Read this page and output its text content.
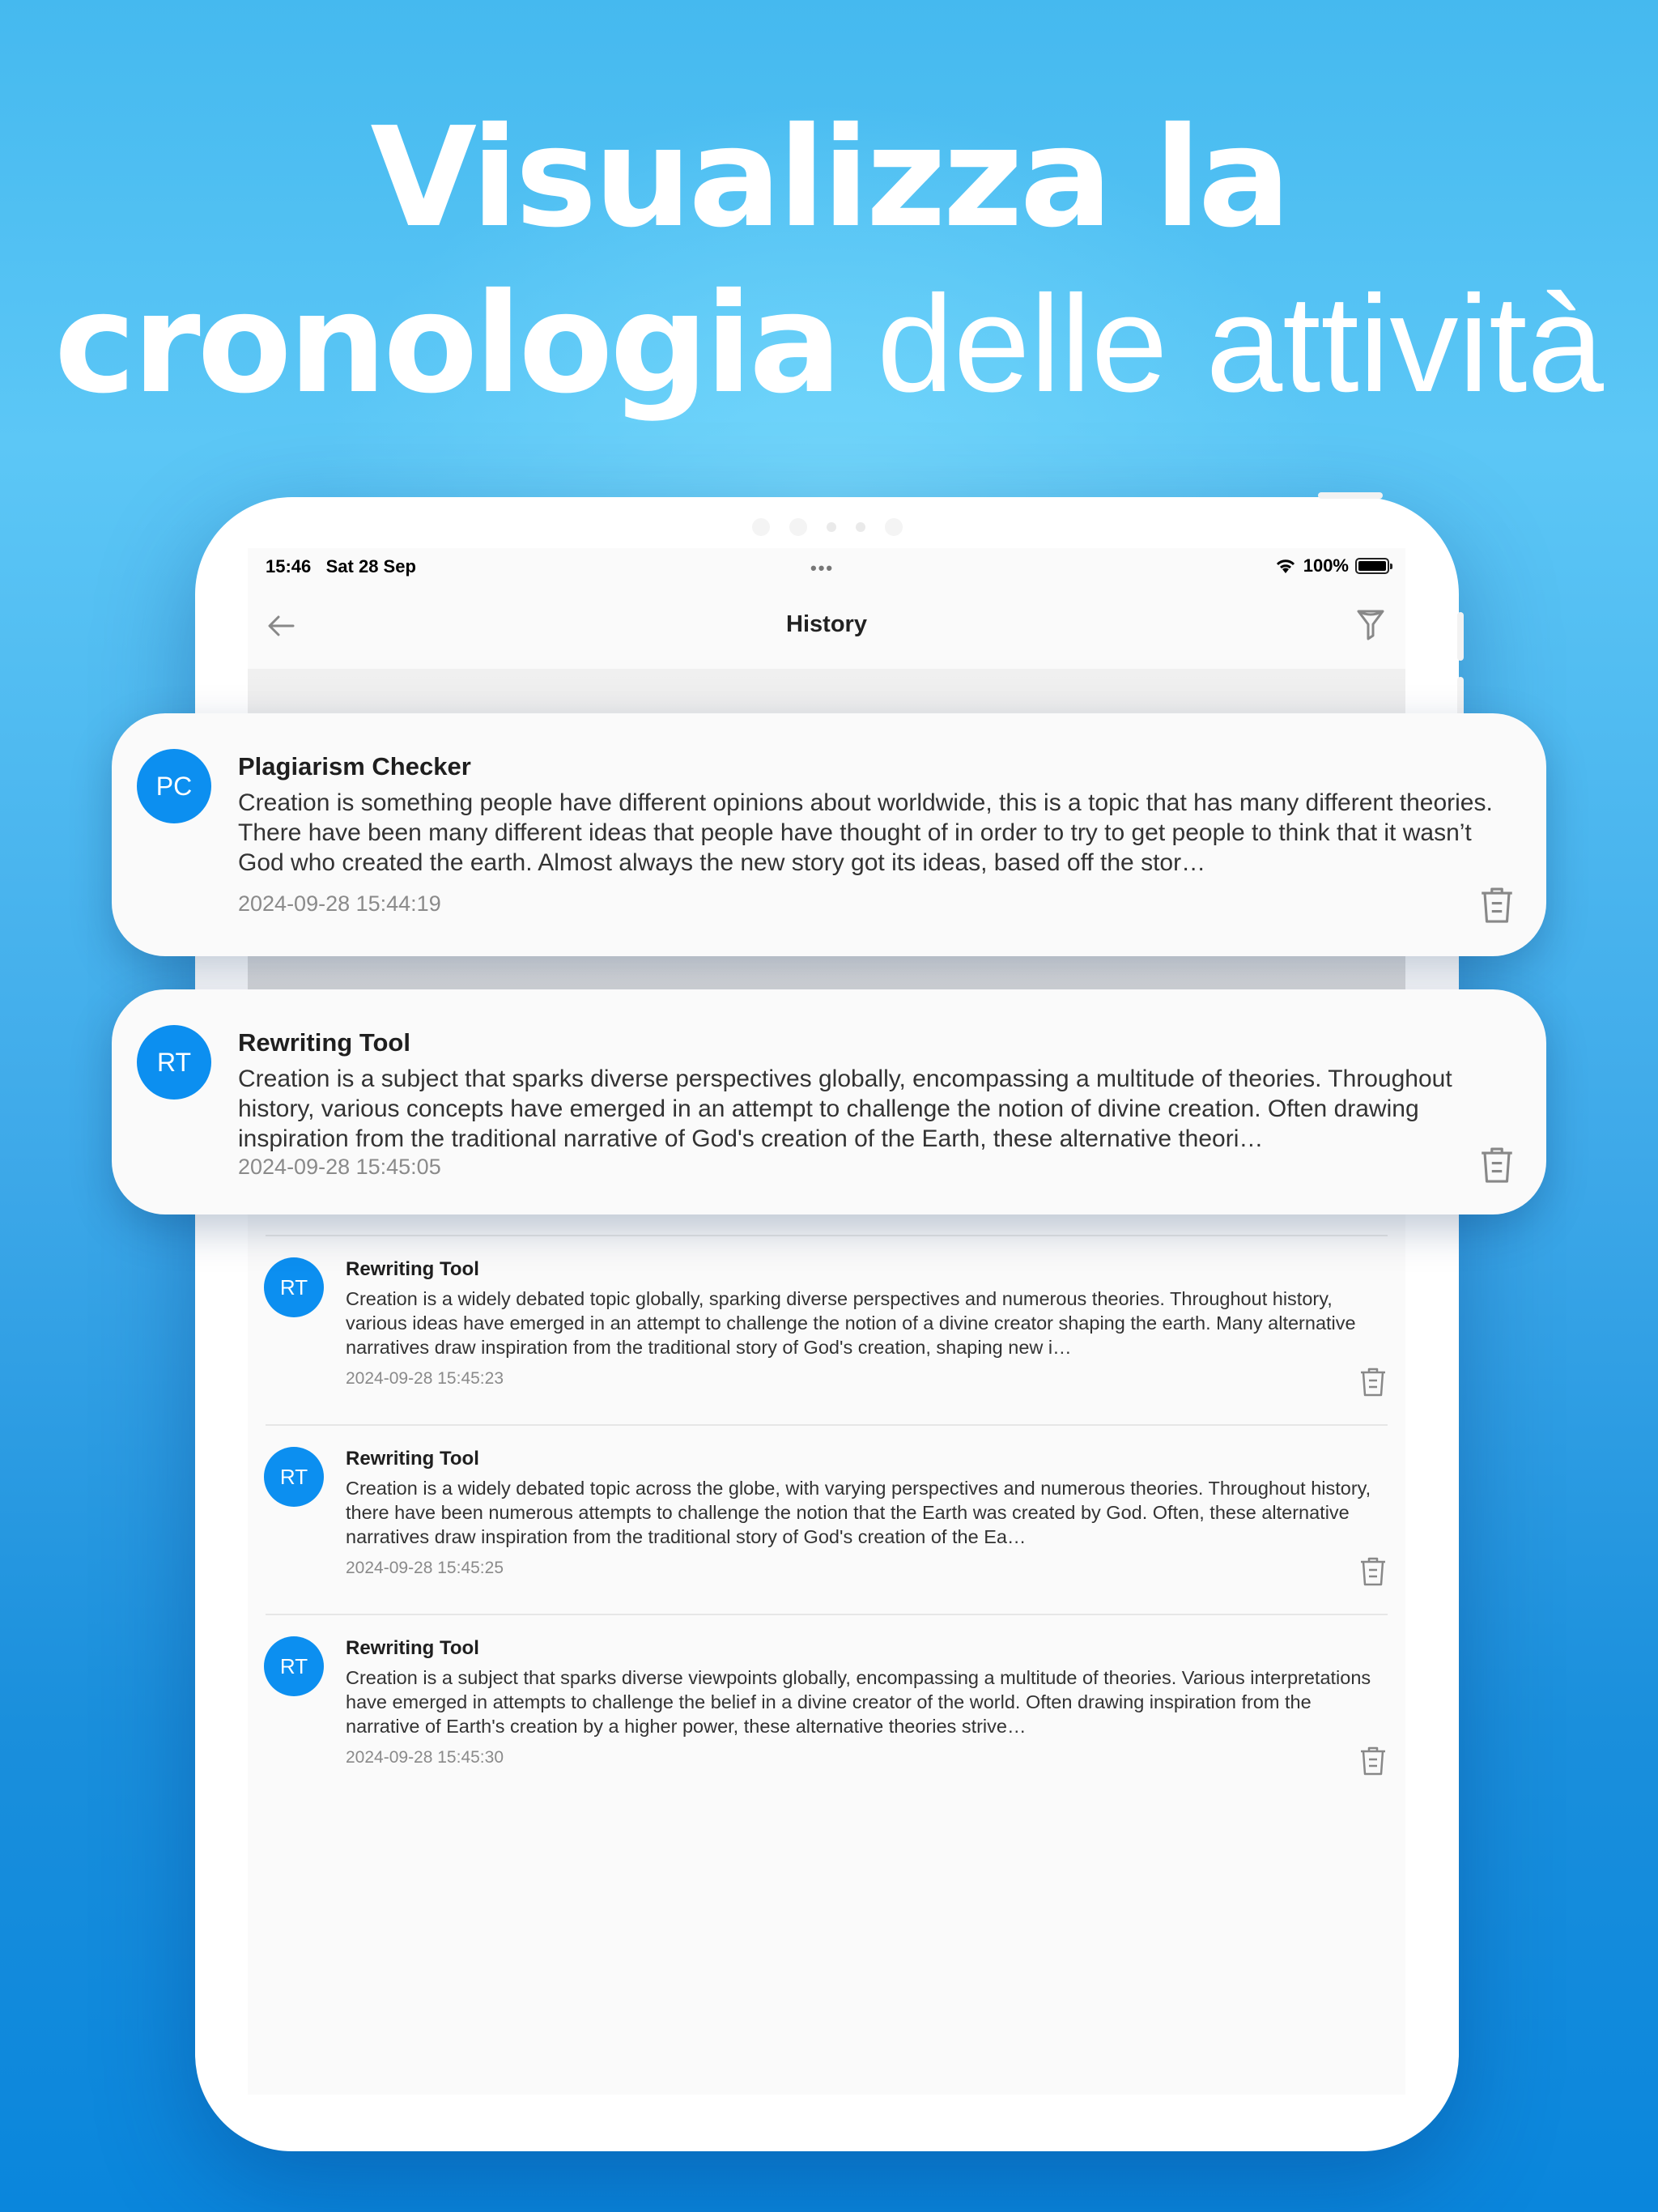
Visualizza la
cronologia delle attività
15:46 Sat 28 Sep	•••	100%
History
RT
Rewriting Tool
Creation is a widely debated topic globally, sparking diverse perspectives and numerous theories. Throughout history, various ideas have emerged in an attempt to challenge the notion of a divine creator shaping the earth. Many alternative narratives draw inspiration from the traditional story of God's creation, shaping new i…
2024-09-28 15:45:23
RT
Rewriting Tool
Creation is a widely debated topic across the globe, with varying perspectives and numerous theories. Throughout history, there have been numerous attempts to challenge the notion that the Earth was created by God. Often, these alternative narratives draw inspiration from the traditional story of God's creation of the Ea…
2024-09-28 15:45:25
RT
Rewriting Tool
Creation is a subject that sparks diverse viewpoints globally, encompassing a multitude of theories. Various interpretations have emerged in attempts to challenge the belief in a divine creator of the world. Often drawing inspiration from the narrative of Earth's creation by a higher power, these alternative theories strive…
2024-09-28 15:45:30
PC
Plagiarism Checker
Creation is something people have different opinions about worldwide, this is a topic that has many different theories. There have been many different ideas that people have thought of in order to try to get people to think that it wasn’t God who created the earth. Almost always the new story got its ideas, based off the stor…
2024-09-28 15:44:19
RT
Rewriting Tool
Creation is a subject that sparks diverse perspectives globally, encompassing a multitude of theories. Throughout history, various concepts have emerged in an attempt to challenge the notion of divine creation. Often drawing inspiration from the traditional narrative of God's creation of the Earth, these alternative theori…
2024-09-28 15:45:05
